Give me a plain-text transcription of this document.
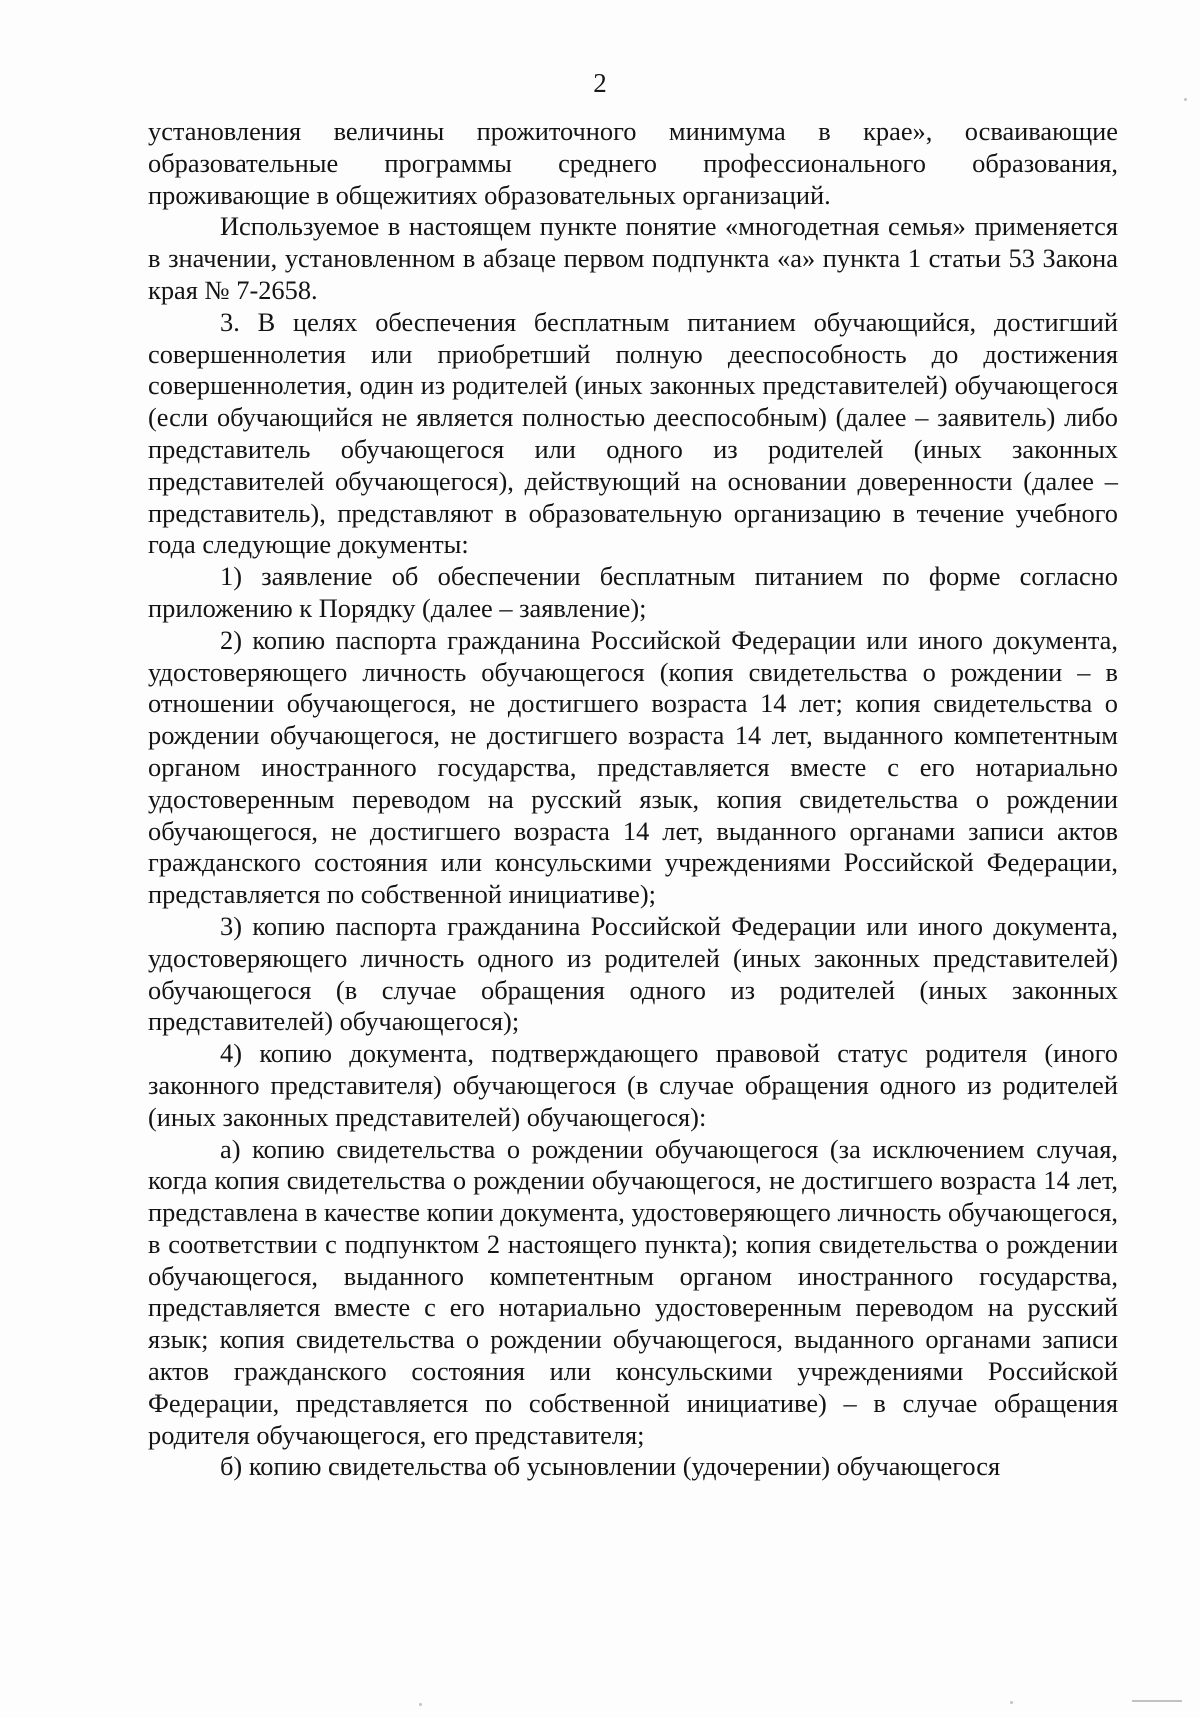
2

установления величины прожиточного минимума в крае», осваивающие образовательные программы среднего профессионального образования, проживающие в общежитиях образовательных организаций.

Используемое в настоящем пункте понятие «многодетная семья» применяется в значении, установленном в абзаце первом подпункта «а» пункта 1 статьи 53 Закона края № 7-2658.

3. В целях обеспечения бесплатным питанием обучающийся, достигший совершеннолетия или приобретший полную дееспособность до достижения совершеннолетия, один из родителей (иных законных представителей) обучающегося (если обучающийся не является полностью дееспособным) (далее – заявитель) либо представитель обучающегося или одного из родителей (иных законных представителей обучающегося), действующий на основании доверенности (далее – представитель), представляют в образовательную организацию в течение учебного года следующие документы:

1) заявление об обеспечении бесплатным питанием по форме согласно приложению к Порядку (далее – заявление);

2) копию паспорта гражданина Российской Федерации или иного документа, удостоверяющего личность обучающегося (копия свидетельства о рождении – в отношении обучающегося, не достигшего возраста 14 лет; копия свидетельства о рождении обучающегося, не достигшего возраста 14 лет, выданного компетентным органом иностранного государства, представляется вместе с его нотариально удостоверенным переводом на русский язык, копия свидетельства о рождении обучающегося, не достигшего возраста 14 лет, выданного органами записи актов гражданского состояния или консульскими учреждениями Российской Федерации, представляется по собственной инициативе);

3) копию паспорта гражданина Российской Федерации или иного документа, удостоверяющего личность одного из родителей (иных законных представителей) обучающегося (в случае обращения одного из родителей (иных законных представителей) обучающегося);

4) копию документа, подтверждающего правовой статус родителя (иного законного представителя) обучающегося (в случае обращения одного из родителей (иных законных представителей) обучающегося):

а) копию свидетельства о рождении обучающегося (за исключением случая, когда копия свидетельства о рождении обучающегося, не достигшего возраста 14 лет, представлена в качестве копии документа, удостоверяющего личность обучающегося, в соответствии с подпунктом 2 настоящего пункта); копия свидетельства о рождении обучающегося, выданного компетентным органом иностранного государства, представляется вместе с его нотариально удостоверенным переводом на русский язык; копия свидетельства о рождении обучающегося, выданного органами записи актов гражданского состояния или консульскими учреждениями Российской Федерации, представляется по собственной инициативе) – в случае обращения родителя обучающегося, его представителя;

б) копию свидетельства об усыновлении (удочерении) обучающегося
